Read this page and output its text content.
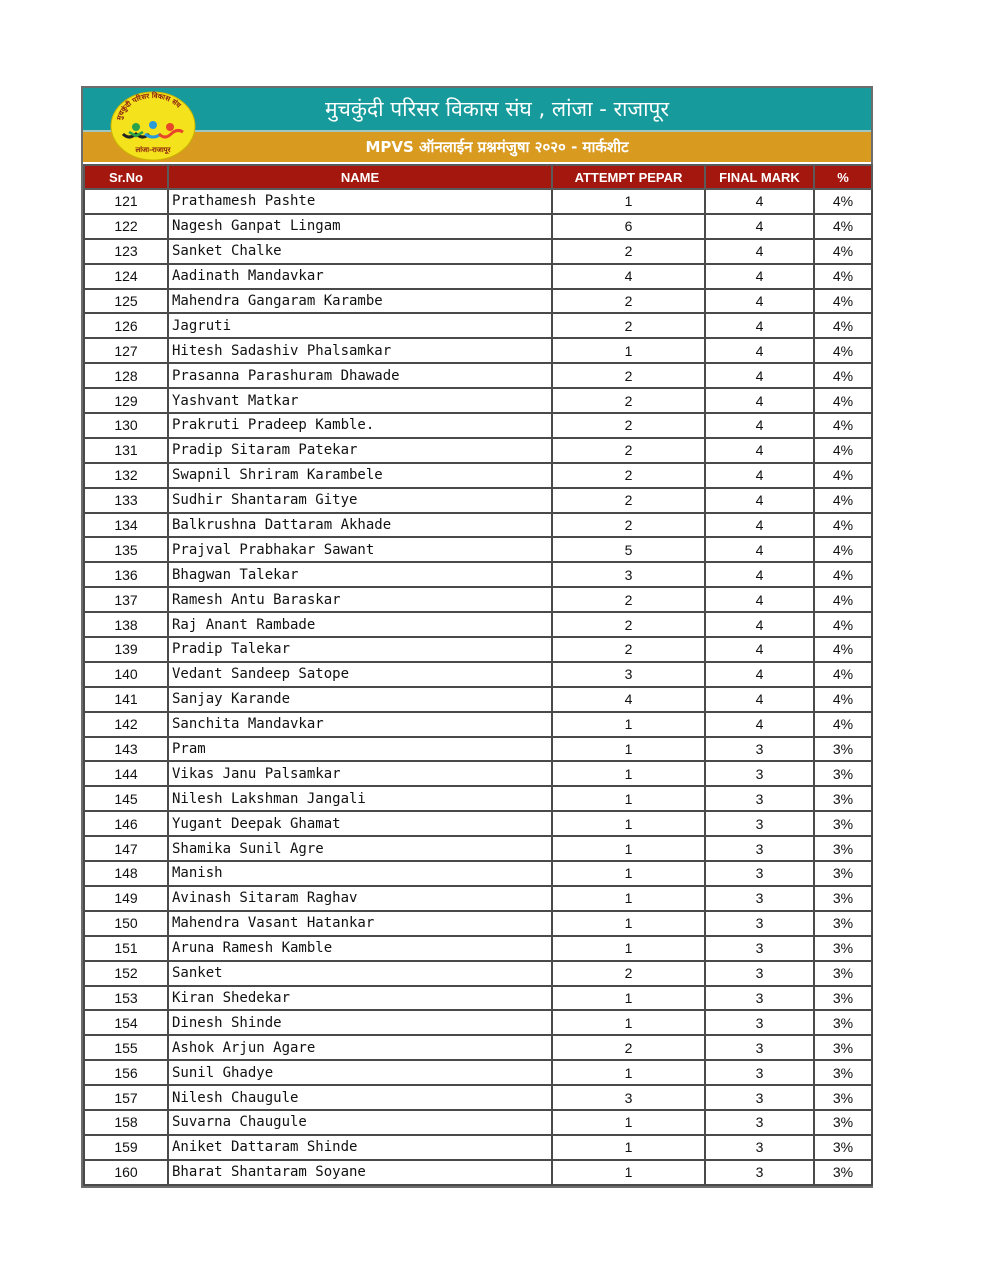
मुचकुंदी परिसर विकास संघ , लांजा - राजापूर
MPVS ऑनलाईन प्रश्नमंजुषा २०२० - मार्कशीट
मुचकुंदी परिसर विकास संघ
लांजा-राजापूर
Sr.No	NAME	ATTEMPT PEPAR	FINAL MARK	%
121	Prathamesh Pashte	1	4	4%
122	Nagesh Ganpat Lingam	6	4	4%
123	Sanket Chalke	2	4	4%
124	Aadinath Mandavkar	4	4	4%
125	Mahendra Gangaram Karambe	2	4	4%
126	Jagruti	2	4	4%
127	Hitesh Sadashiv Phalsamkar	1	4	4%
128	Prasanna Parashuram Dhawade	2	4	4%
129	Yashvant Matkar	2	4	4%
130	Prakruti Pradeep Kamble.	2	4	4%
131	Pradip Sitaram Patekar	2	4	4%
132	Swapnil Shriram Karambele	2	4	4%
133	Sudhir Shantaram Gitye	2	4	4%
134	Balkrushna Dattaram Akhade	2	4	4%
135	Prajval Prabhakar Sawant	5	4	4%
136	Bhagwan Talekar	3	4	4%
137	Ramesh Antu Baraskar	2	4	4%
138	Raj Anant Rambade	2	4	4%
139	Pradip Talekar	2	4	4%
140	Vedant Sandeep Satope	3	4	4%
141	Sanjay Karande	4	4	4%
142	Sanchita Mandavkar	1	4	4%
143	Pram	1	3	3%
144	Vikas Janu Palsamkar	1	3	3%
145	Nilesh Lakshman Jangali	1	3	3%
146	Yugant Deepak Ghamat	1	3	3%
147	Shamika Sunil Agre	1	3	3%
148	Manish	1	3	3%
149	Avinash Sitaram Raghav	1	3	3%
150	Mahendra Vasant Hatankar	1	3	3%
151	Aruna Ramesh Kamble	1	3	3%
152	Sanket	2	3	3%
153	Kiran Shedekar	1	3	3%
154	Dinesh Shinde	1	3	3%
155	Ashok Arjun Agare	2	3	3%
156	Sunil Ghadye	1	3	3%
157	Nilesh Chaugule	3	3	3%
158	Suvarna Chaugule	1	3	3%
159	Aniket Dattaram Shinde	1	3	3%
160	Bharat Shantaram Soyane	1	3	3%
